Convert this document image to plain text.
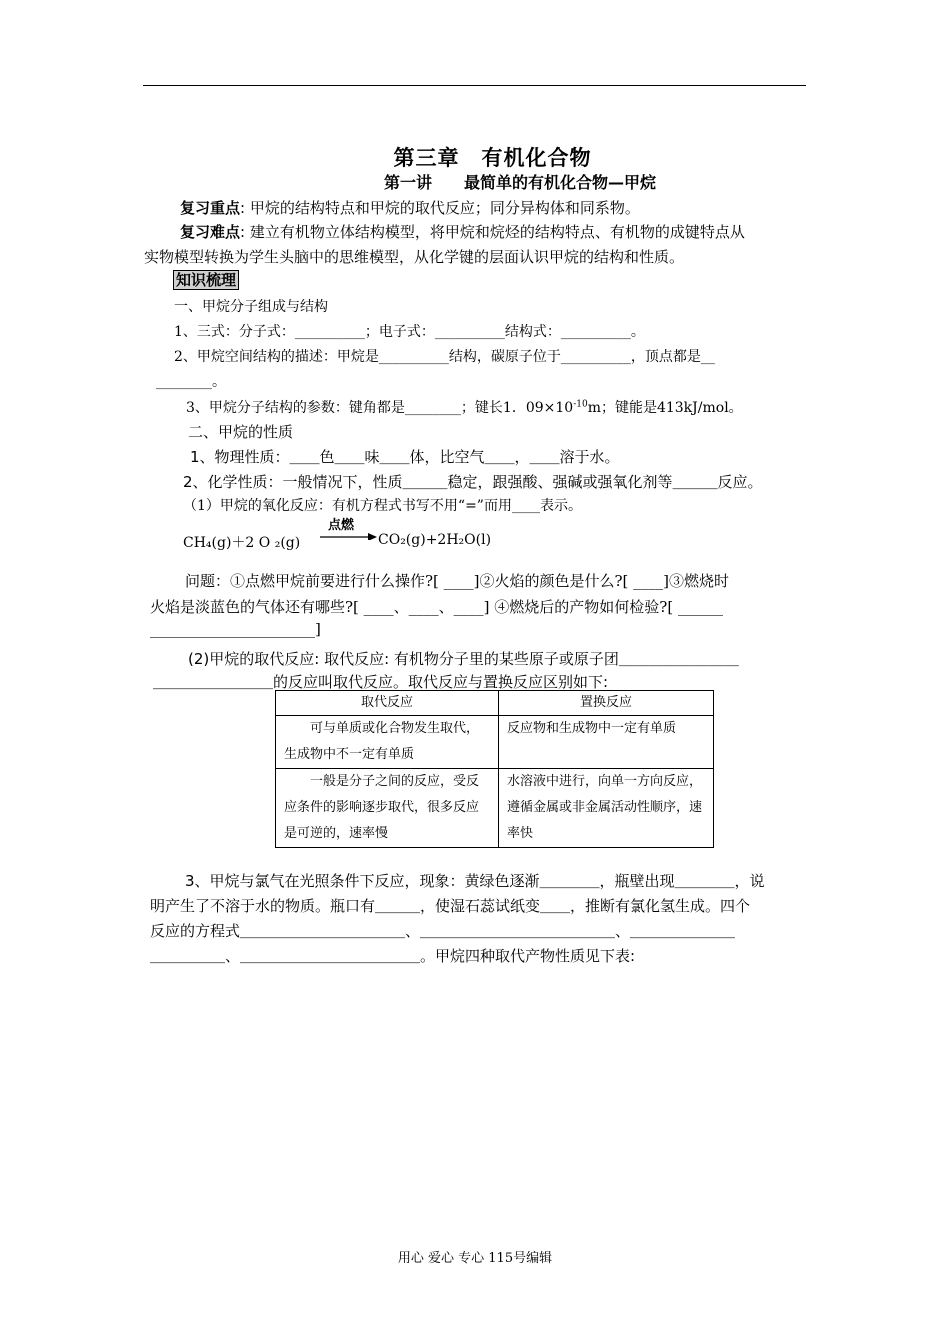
第三章　有机化合物
第一讲　　最简单的有机化合物—甲烷
复习重点: 甲烷的结构特点和甲烷的取代反应；同分异构体和同系物。
复习难点: 建立有机物立体结构模型，将甲烷和烷烃的结构特点、有机物的成键特点从
实物模型转换为学生头脑中的思维模型，从化学键的层面认识甲烷的结构和性质。
知识梳理
一、甲烷分子组成与结构
1、三式：分子式：__________；电子式：__________结构式：__________。
2、甲烷空间结构的描述：甲烷是__________结构，碳原子位于__________，顶点都是__
________。
3、甲烷分子结构的参数：键角都是________；键长1．$09\times 10^{-10}m$；键能是413kJ/mol。
二、甲烷的性质
1、物理性质：＿＿色＿＿味＿＿体，比空气＿＿，＿＿溶于水。
2、化学性质：一般情况下，性质＿＿＿稳定，跟强酸、强碱或强氧化剂等＿＿＿反应。
（1）甲烷的氧化反应：有机方程式书写不用“=”而用____表示。
CH₄(g)＋2 O ₂(g)
点燃
CO₂(g)+2H₂O(l)
问题：①点燃甲烷前要进行什么操作?[ ____]②火焰的颜色是什么?[ ____]③燃烧时
火焰是淡蓝色的气体还有哪些?[ ____、____、____] ④燃烧后的产物如何检验?[ ______
______________________]
(2)甲烷的取代反应: 取代反应: 有机物分子里的某些原子或原子团＿＿＿＿＿＿＿＿
＿＿＿＿＿＿＿＿的反应叫取代反应。取代反应与置换反应区别如下:
取代反应	置换反应
　　可与单质或化合物发生取代，生成物中不一定有单质	反应物和生成物中一定有单质
　　一般是分子之间的反应，受反应条件的影响逐步取代，很多反应是可逆的，速率慢	水溶液中进行，向单一方向反应，遵循金属或非金属活动性顺序，速率快
3、甲烷与氯气在光照条件下反应，现象：黄绿色逐渐＿＿＿＿，瓶壁出现＿＿＿＿，说
明产生了不溶于水的物质。瓶口有＿＿＿，使湿石蕊试纸变＿＿，推断有氯化氢生成。四个
反应的方程式＿＿＿＿＿＿＿＿＿＿＿、＿＿＿＿＿＿＿＿＿＿＿＿＿、＿＿＿＿＿＿＿
＿＿＿＿＿、＿＿＿＿＿＿＿＿＿＿＿＿。甲烷四种取代产物性质见下表:
用心 爱心 专心 115号编辑
